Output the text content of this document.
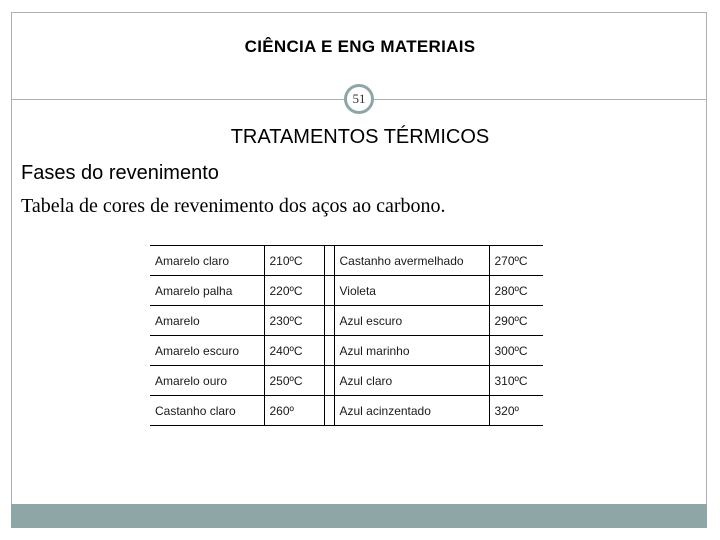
CIÊNCIA E ENG MATERIAIS
51
TRATAMENTOS TÉRMICOS
Fases do revenimento
Tabela de cores de revenimento dos aços ao carbono.
Amarelo claro	210ºC		Castanho avermelhado	270ºC
Amarelo palha	220ºC		Violeta	280ºC
Amarelo	230ºC		Azul escuro	290ºC
Amarelo escuro	240ºC		Azul marinho	300ºC
Amarelo ouro	250ºC		Azul claro	310ºC
Castanho claro	260º		Azul acinzentado	320º
